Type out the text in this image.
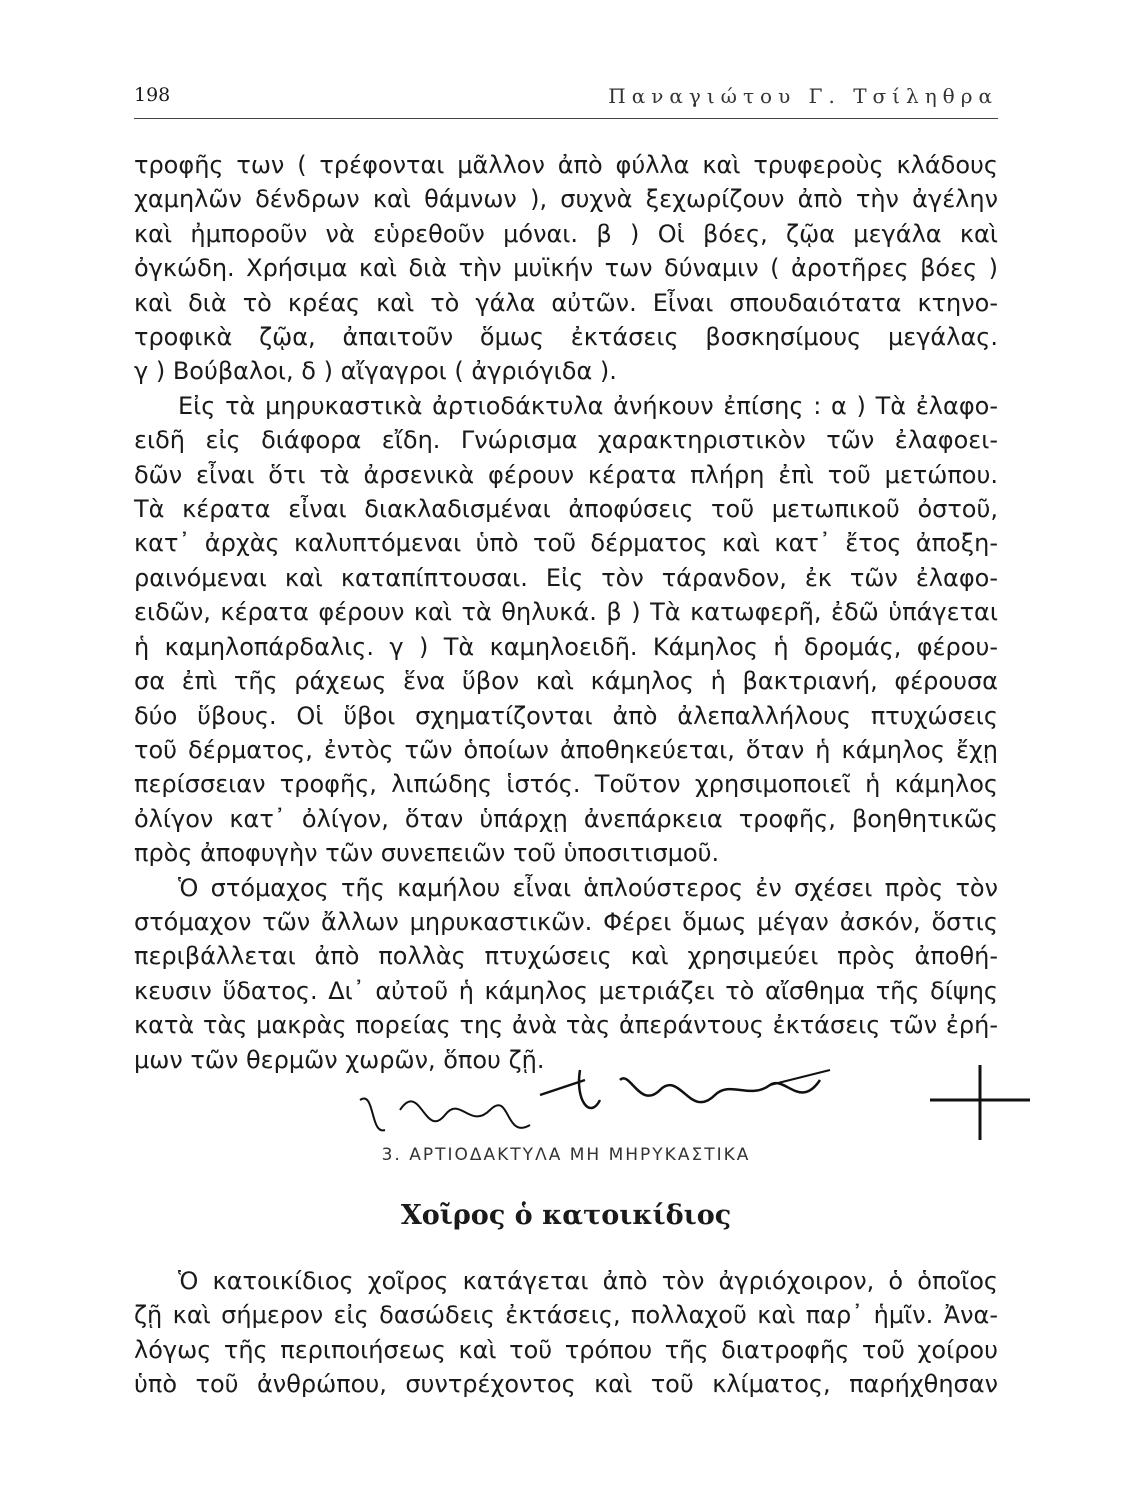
198	Παναγιώτου Γ. Τσίληθρα

τροφῆς των ( τρέφονται μᾶλλον ἀπὸ φύλλα καὶ τρυφεροὺς κλάδους

χαμηλῶν δένδρων καὶ θάμνων ), συχνὰ ξεχωρίζουν ἀπὸ τὴν ἀγέλην

καὶ ἠμποροῦν νὰ εὑρεθοῦν μόναι. β ) Οἱ βόες, ζῷα μεγάλα καὶ

ὀγκώδη. Χρήσιμα καὶ διὰ τὴν μυϊκήν των δύναμιν ( ἀροτῆρες βόες )

καὶ διὰ τὸ κρέας καὶ τὸ γάλα αὐτῶν. Εἶναι σπουδαιότατα κτηνο-

τροφικὰ ζῷα, ἀπαιτοῦν ὅμως ἐκτάσεις βοσκησίμους μεγάλας.

γ ) Βούβαλοι, δ ) αἴγαγροι ( ἀγριόγιδα ).

Εἰς τὰ μηρυκαστικὰ ἀρτιοδάκτυλα ἀνήκουν ἐπίσης : α ) Τὰ ἐλαφο-

ειδῆ εἰς διάφορα εἴδη. Γνώρισμα χαρακτηριστικὸν τῶν ἐλαφοει-

δῶν εἶναι ὅτι τὰ ἀρσενικὰ φέρουν κέρατα πλήρη ἐπὶ τοῦ μετώπου.

Τὰ κέρατα εἶναι διακλαδισμέναι ἀποφύσεις τοῦ μετωπικοῦ ὀστοῦ,

κατ᾽ ἀρχὰς καλυπτόμεναι ὑπὸ τοῦ δέρματος καὶ κατ᾽ ἔτος ἀποξη-

ραινόμεναι καὶ καταπίπτουσαι. Εἰς τὸν τάρανδον, ἐκ τῶν ἐλαφο-

ειδῶν, κέρατα φέρουν καὶ τὰ θηλυκά. β ) Τὰ κατωφερῆ, ἐδῶ ὑπάγεται

ἡ καμηλοπάρδαλις. γ ) Τὰ καμηλοειδῆ. Κάμηλος ἡ δρομάς, φέρου-

σα ἐπὶ τῆς ράχεως ἕνα ὕβον καὶ κάμηλος ἡ βακτριανή, φέρουσα

δύο ὕβους. Οἱ ὕβοι σχηματίζονται ἀπὸ ἀλεπαλλήλους πτυχώσεις

τοῦ δέρματος, ἐντὸς τῶν ὁποίων ἀποθηκεύεται, ὅταν ἡ κάμηλος ἔχῃ

περίσσειαν τροφῆς, λιπώδης ἱστός. Τοῦτον χρησιμοποιεῖ ἡ κάμηλος

ὀλίγον κατ᾽ ὀλίγον, ὅταν ὑπάρχῃ ἀνεπάρκεια τροφῆς, βοηθητικῶς

πρὸς ἀποφυγὴν τῶν συνεπειῶν τοῦ ὑποσιτισμοῦ.

Ὁ στόμαχος τῆς καμήλου εἶναι ἁπλούστερος ἐν σχέσει πρὸς τὸν

στόμαχον τῶν ἄλλων μηρυκαστικῶν. Φέρει ὅμως μέγαν ἀσκόν, ὅστις

περιβάλλεται ἀπὸ πολλὰς πτυχώσεις καὶ χρησιμεύει πρὸς ἀποθή-

κευσιν ὕδατος. Δι᾽ αὐτοῦ ἡ κάμηλος μετριάζει τὸ αἴσθημα τῆς δίψης

κατὰ τὰς μακρὰς πορείας της ἀνὰ τὰς ἀπεράντους ἐκτάσεις τῶν ἐρή-

μων τῶν θερμῶν χωρῶν, ὅπου ζῇ.

3. ΑΡΤΙΟΔΑΚΤΥΛΑ ΜΗ ΜΗΡΥΚΑΣΤΙΚΑ
Χοῖρος ὁ κατοικίδιος

Ὁ κατοικίδιος χοῖρος κατάγεται ἀπὸ τὸν ἀγριόχοιρον, ὁ ὁποῖος

ζῇ καὶ σήμερον εἰς δασώδεις ἐκτάσεις, πολλαχοῦ καὶ παρ᾽ ἡμῖν. Ἀνα-

λόγως τῆς περιποιήσεως καὶ τοῦ τρόπου τῆς διατροφῆς τοῦ χοίρου

ὑπὸ τοῦ ἀνθρώπου, συντρέχοντος καὶ τοῦ κλίματος, παρήχθησαν
